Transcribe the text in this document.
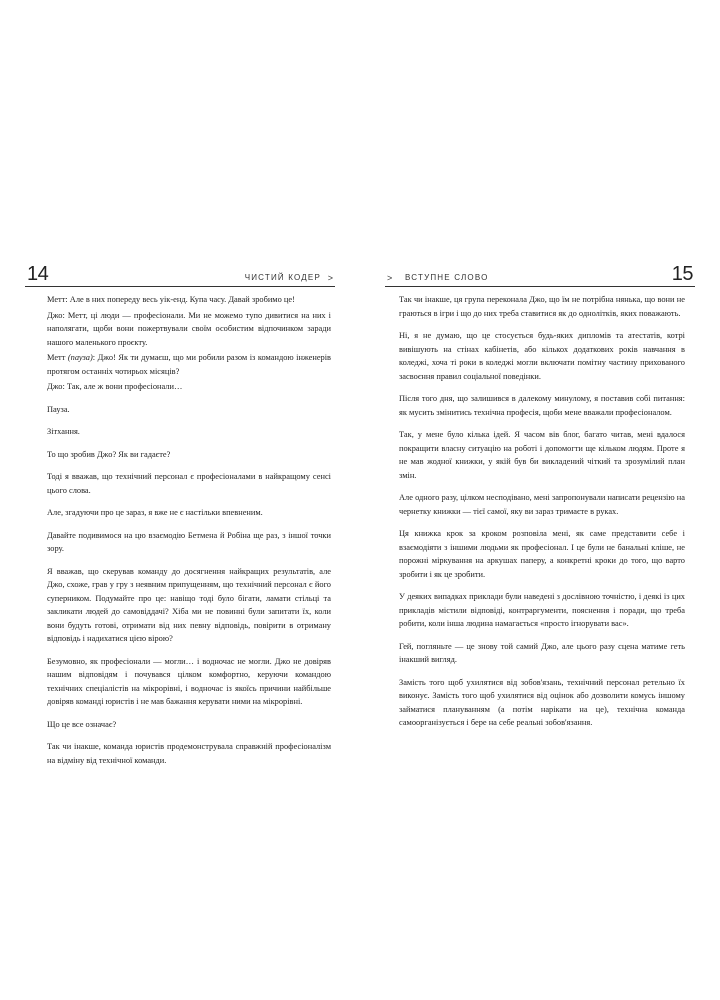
14	ЧИСТИЙ КОДЕР >

Метт: Але в них попереду весь уік-енд. Купа часу. Давай зробимо це!

Джо: Метт, ці люди — професіонали. Ми не можемо тупо дивитися на них і наполягати, щоби вони пожертвували своїм особистим відпочинком заради нашого маленького проєкту.

Метт (пауза): Джо! Як ти думаєш, що ми робили разом із командою інженерів протягом останніх чотирьох місяців?

Джо: Так, але ж вони професіонали…

Пауза.

Зітхання.

То що зробив Джо? Як ви гадаєте?

Тоді я вважав, що технічний персонал є професіоналами в найкращому сенсі цього слова.

Але, згадуючи про це зараз, я вже не є настільки впевненим.

Давайте подивимося на цю взаємодію Бетмена й Робіна ще раз, з іншої точки зору.

Я вважав, що скерував команду до досягнення найкращих результатів, але Джо, схоже, грав у гру з неявним припущенням, що технічний персонал є його суперником. Подумайте про це: навіщо тоді було бігати, ламати стільці та закликати людей до самовіддачі? Хіба ми не повинні були запитати їх, коли вони будуть готові, отримати від них певну відповідь, повірити в отриману відповідь і надихатися цією вірою?

Безумовно, як професіонали — могли… і водночас не могли. Джо не довіряв нашим відповідям і почувався цілком комфортно, керуючи командою технічних спеціалістів на мікрорівні, і водночас із якоїсь причини найбільше довіряв команді юристів і не мав бажання керувати ними на мікрорівні.

Що це все означає?

Так чи інакше, команда юристів продемонструвала справжній професіоналізм на відміну від технічної команди.

> ВСТУПНЕ СЛОВО	15

Так чи інакше, ця група переконала Джо, що їм не потрібна нянька, що вони не граються в ігри і що до них треба ставитися як до однолітків, яких поважають.

Ні, я не думаю, що це стосується будь-яких дипломів та атестатів, котрі вивішують на стінах кабінетів, або кількох додаткових років навчання в коледжі, хоча ті роки в коледжі могли включати помітну частину прихованого засвоєння правил соціальної поведінки.

Після того дня, що залишився в далекому минулому, я поставив собі питання: як мусить змінитись технічна професія, щоби мене вважали професіоналом.

Так, у мене було кілька ідей. Я часом вів блог, багато читав, мені вдалося покращити власну ситуацію на роботі і допомогти ще кільком людям. Проте я не мав жодної книжки, у якій був би викладений чіткий та зрозумілий план змін.

Але одного разу, цілком несподівано, мені запропонували написати рецензію на чернетку книжки — тієї самої, яку ви зараз тримаєте в руках.

Ця книжка крок за кроком розповіла мені, як саме представити себе і взаємодіяти з іншими людьми як професіонал. І це були не банальні кліше, не порожні міркування на аркушах паперу, а конкретні кроки до того, що варто зробити і як це зробити.

У деяких випадках приклади були наведені з дослівною точністю, і деякі із цих прикладів містили відповіді, контраргументи, пояснення і поради, що треба робити, коли інша людина намагається «просто ігнорувати вас».

Гей, погляньте — це знову той самий Джо, але цього разу сцена матиме геть інакший вигляд.

Замість того щоб ухилятися від зобов'язань, технічний персонал ретельно їх виконує. Замість того щоб ухилятися від оцінок або дозволити комусь іншому займатися плануванням (а потім нарікати на це), технічна команда самоорганізується і бере на себе реальні зобов'язання.
